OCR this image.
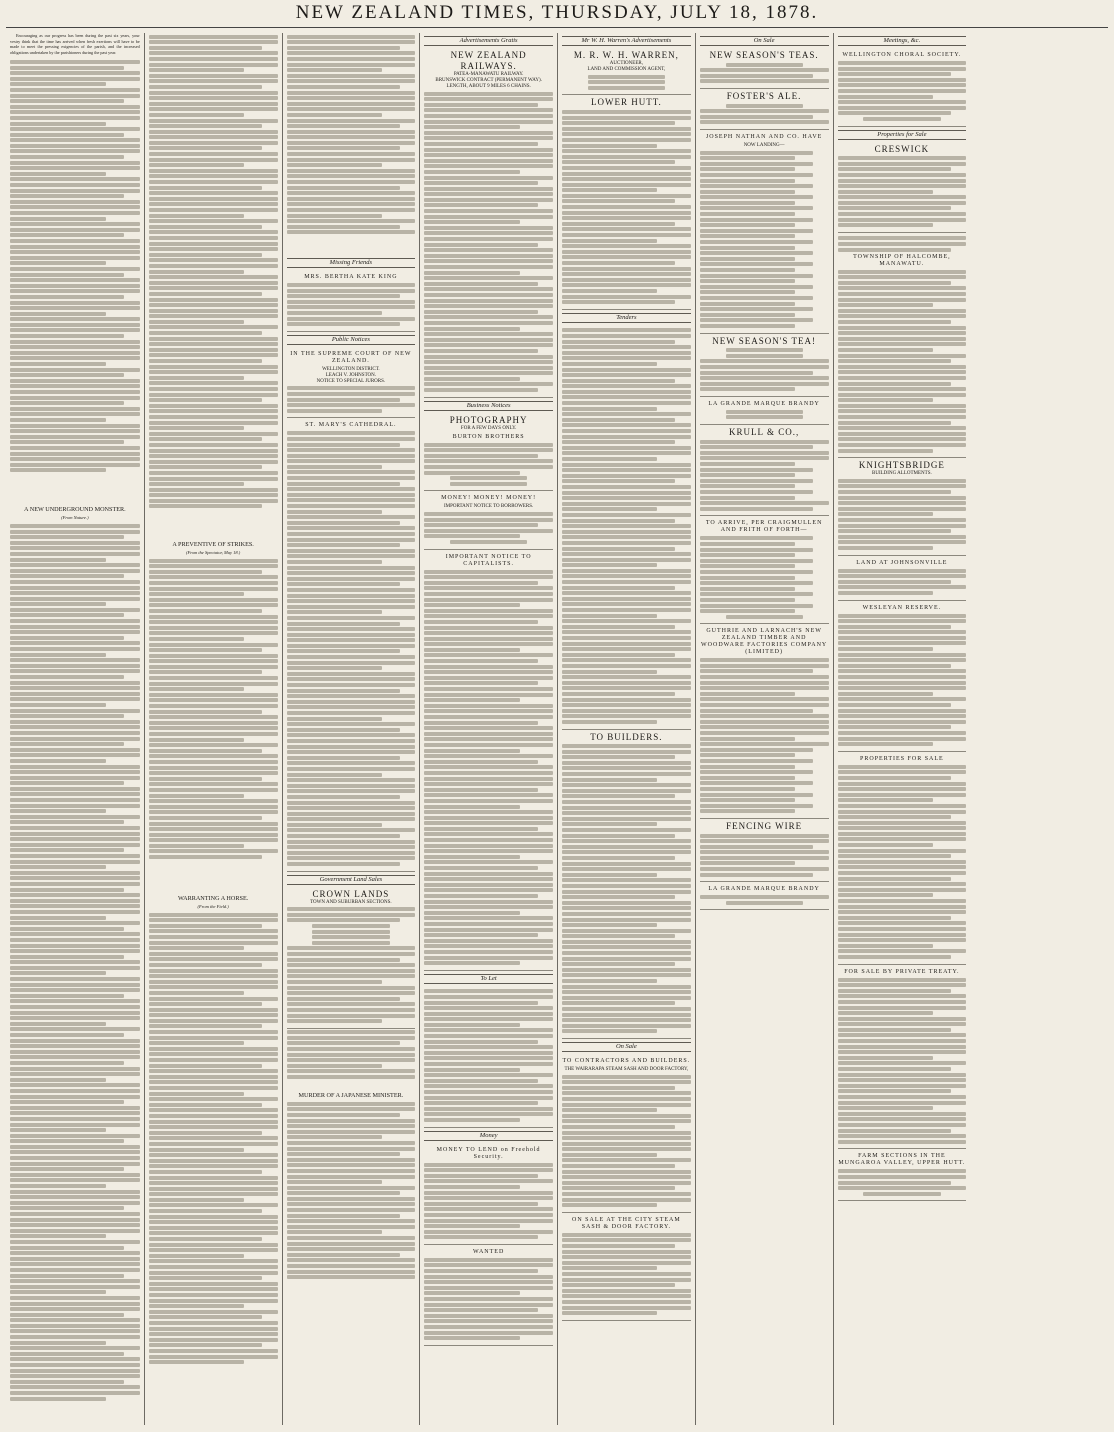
NEW ZEALAND TIMES, THURSDAY, JULY 18, 1878.

Encouraging as our progress has been during the past six years, your vestry think that the time has arrived when fresh exertions will have to be made to meet the pressing exigencies of the parish, and the increased obligations undertaken by the parishioners during the past year.

A NEW UNDERGROUND MONSTER.
(From Nature.)
A PREVENTIVE OF STRIKES.
(From the Spectator, May 18.)
WARRANTING A HORSE.
(From the Field.)
Missing Friends
MRS. BERTHA KATE KING
Public Notices
IN THE SUPREME COURT OF NEW ZEALAND.
WELLINGTON DISTRICT.
LEACH V. JOHNSTON.
NOTICE TO SPECIAL JURORS.
ST. MARY'S CATHEDRAL.
Government Land Sales
CROWN LANDS
TOWN AND SUBURBAN SECTIONS.
MURDER OF A JAPANESE MINISTER.
Advertisements Gratis
NEW ZEALAND RAILWAYS.
PATEA-MANAWATU RAILWAY.
BRUNSWICK CONTRACT (PERMANENT WAY).
LENGTH, ABOUT 9 MILES 6 CHAINS.
Business Notices
PHOTOGRAPHY
FOR A FEW DAYS ONLY.
BURTON BROTHERS
MONEY! MONEY! MONEY!
IMPORTANT NOTICE TO BORROWERS.
IMPORTANT NOTICE TO CAPITALISTS.
To Let
Money
MONEY TO LEND on Freehold Security.
WANTED
Mr W. H. Warren's Advertisements
M. R. W. H. WARREN,
AUCTIONEER,
LAND AND COMMISSION AGENT,
LOWER HUTT.
Tenders
TO BUILDERS.
On Sale
TO CONTRACTORS AND BUILDERS.
THE WAIRARAPA STEAM SASH AND DOOR FACTORY,
ON SALE AT THE CITY STEAM SASH & DOOR FACTORY.
On Sale
NEW SEASON'S TEAS.
FOSTER'S ALE.
JOSEPH NATHAN AND CO. HAVE
NOW LANDING—
NEW SEASON'S TEA!
LA GRANDE MARQUE BRANDY
KRULL & CO.,
TO ARRIVE, PER CRAIGMULLEN AND FRITH OF FORTH—
GUTHRIE AND LARNACH'S NEW ZEALAND TIMBER AND WOODWARE FACTORIES COMPANY (LIMITED)
FENCING WIRE
LA GRANDE MARQUE BRANDY
Meetings, &c.
WELLINGTON CHORAL SOCIETY.
Properties for Sale
CRESWICK
TOWNSHIP OF HALCOMBE, MANAWATU.
KNIGHTSBRIDGE
BUILDING ALLOTMENTS.
LAND AT JOHNSONVILLE
WESLEYAN RESERVE.
PROPERTIES FOR SALE
FOR SALE BY PRIVATE TREATY.
FARM SECTIONS IN THE MUNGAROA VALLEY, UPPER HUTT.
